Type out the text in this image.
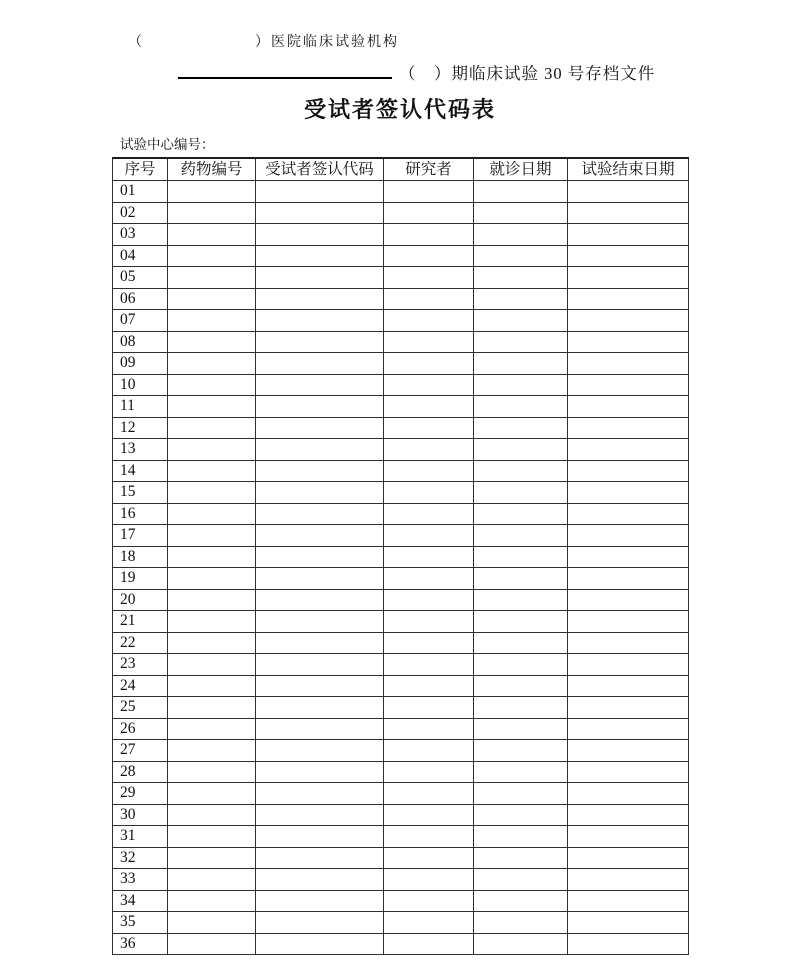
（	）医院临床试验机构
（　）期临床试验 30 号存档文件
受试者签认代码表
试验中心编号：
序号	药物编号	受试者签认代码	研究者	就诊日期	试验结束日期
01					
02					
03					
04					
05					
06					
07					
08					
09					
10					
11					
12					
13					
14					
15					
16					
17					
18					
19					
20					
21					
22					
23					
24					
25					
26					
27					
28					
29					
30					
31					
32					
33					
34					
35					
36					
